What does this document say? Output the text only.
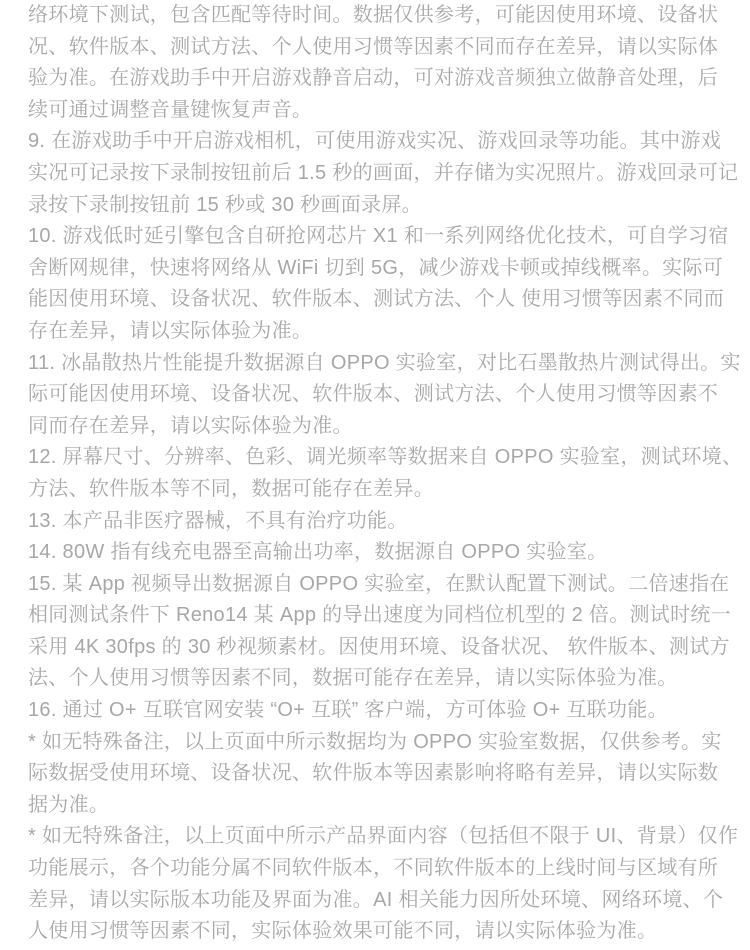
络环境下测试，包含匹配等待时间。数据仅供参考，可能因使用环境、设备状
况、软件版本、测试方法、个人使用习惯等因素不同而存在差异，请以实际体
验为准。在游戏助手中开启游戏静音启动，可对游戏音频独立做静音处理，后
续可通过调整音量键恢复声音。
9. 在游戏助手中开启游戏相机，可使用游戏实况、游戏回录等功能。其中游戏
实况可记录按下录制按钮前后 1.5 秒的画面，并存储为实况照片。游戏回录可记
录按下录制按钮前 15 秒或 30 秒画面录屏。
10. 游戏低时延引擎包含自研抢网芯片 X1 和一系列网络优化技术，可自学习宿
舍断网规律，快速将网络从 WiFi 切到 5G，减少游戏卡顿或掉线概率。实际可
能因使用环境、设备状况、软件版本、测试方法、个人 使用习惯等因素不同而
存在差异，请以实际体验为准。
11. 冰晶散热片性能提升数据源自 OPPO 实验室，对比石墨散热片测试得出。实
际可能因使用环境、设备状况、软件版本、测试方法、个人使用习惯等因素不
同而存在差异，请以实际体验为准。
12. 屏幕尺寸、分辨率、色彩、调光频率等数据来自 OPPO 实验室，测试环境、
方法、软件版本等不同，数据可能存在差异。
13. 本产品非医疗器械，不具有治疗功能。
14. 80W 指有线充电器至高输出功率，数据源自 OPPO 实验室。
15. 某 App 视频导出数据源自 OPPO 实验室，在默认配置下测试。二倍速指在
相同测试条件下 Reno14 某 App 的导出速度为同档位机型的 2 倍。测试时统一
采用 4K 30fps 的 30 秒视频素材。因使用环境、设备状况、 软件版本、测试方
法、个人使用习惯等因素不同，数据可能存在差异，请以实际体验为准。
16. 通过 O+ 互联官网安装 “O+ 互联” 客户端，方可体验 O+ 互联功能。
* 如无特殊备注，以上页面中所示数据均为 OPPO 实验室数据，仅供参考。实
际数据受使用环境、设备状况、软件版本等因素影响将略有差异，请以实际数
据为准。
* 如无特殊备注，以上页面中所示产品界面内容（包括但不限于 UI、背景）仅作
功能展示，各个功能分属不同软件版本，不同软件版本的上线时间与区域有所
差异，请以实际版本功能及界面为准。AI 相关能力因所处环境、网络环境、个
人使用习惯等因素不同，实际体验效果可能不同，请以实际体验为准。
